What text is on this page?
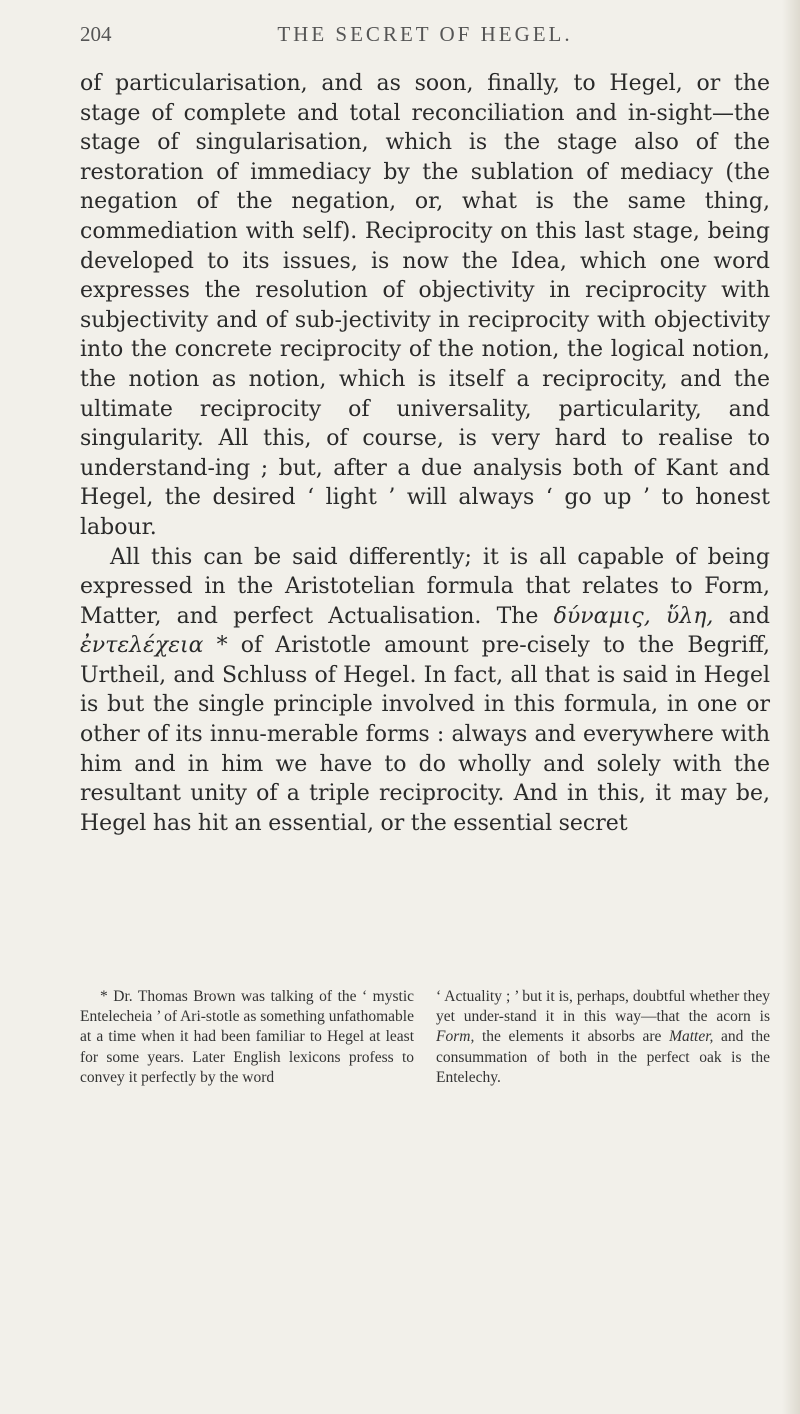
204	THE SECRET OF HEGEL.

of particularisation, and as soon, finally, to Hegel, or the stage of complete and total reconciliation and in-sight—the stage of singularisation, which is the stage also of the restoration of immediacy by the sublation of mediacy (the negation of the negation, or, what is the same thing, commediation with self). Reciprocity on this last stage, being developed to its issues, is now the Idea, which one word expresses the resolution of objectivity in reciprocity with subjectivity and of sub-jectivity in reciprocity with objectivity into the concrete reciprocity of the notion, the logical notion, the notion as notion, which is itself a reciprocity, and the ultimate reciprocity of universality, particularity, and singularity. All this, of course, is very hard to realise to understand-ing ; but, after a due analysis both of Kant and Hegel, the desired ‘ light ’ will always ‘ go up ’ to honest labour.

All this can be said differently; it is all capable of being expressed in the Aristotelian formula that relates to Form, Matter, and perfect Actualisation. The δύναμις, ὕλη, and ἐντελέχεια * of Aristotle amount pre-cisely to the Begriff, Urtheil, and Schluss of Hegel. In fact, all that is said in Hegel is but the single principle involved in this formula, in one or other of its innu-merable forms : always and everywhere with him and in him we have to do wholly and solely with the resultant unity of a triple reciprocity. And in this, it may be, Hegel has hit an essential, or the essential secret

* Dr. Thomas Brown was talking of the ‘ mystic Entelecheia ’ of Ari-stotle as something unfathomable at a time when it had been familiar to Hegel at least for some years. Later English lexicons profess to convey it perfectly by the word

‘ Actuality ; ’ but it is, perhaps, doubtful whether they yet under-stand it in this way—that the acorn is Form, the elements it absorbs are Matter, and the consummation of both in the perfect oak is the Entelechy.
